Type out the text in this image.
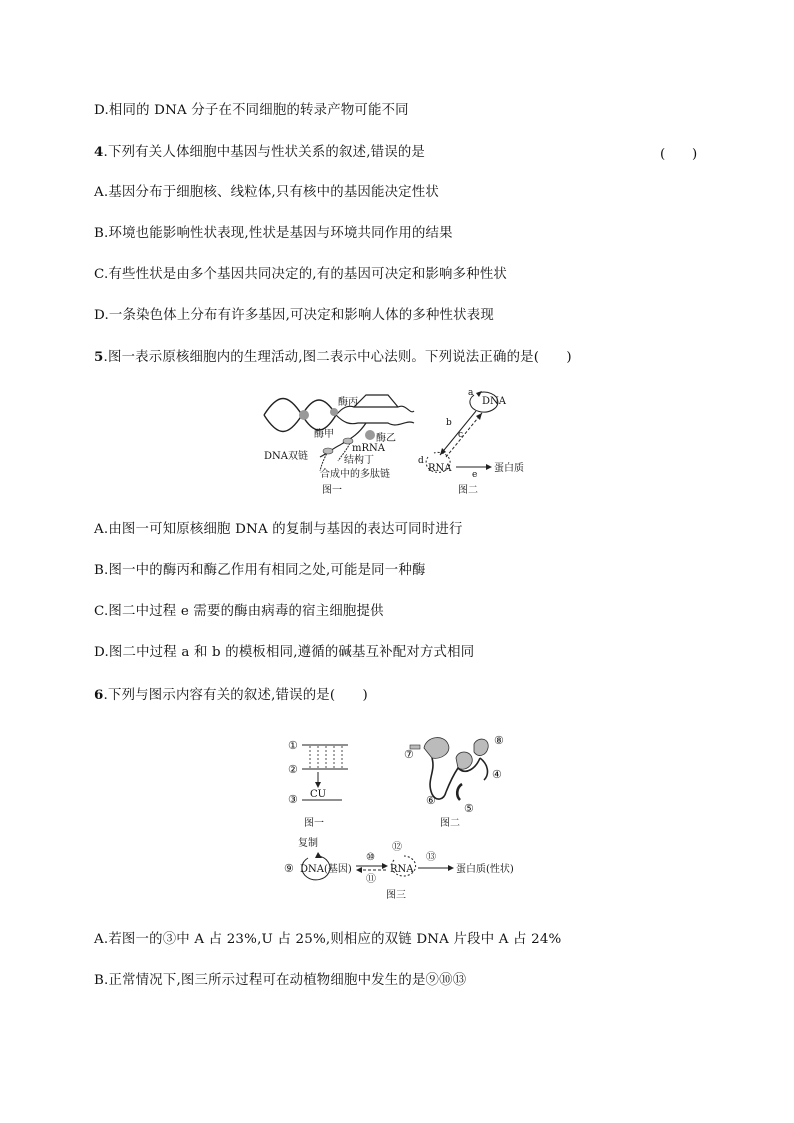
D.相同的 DNA 分子在不同细胞的转录产物可能不同
4.下列有关人体细胞中基因与性状关系的叙述,错误的是	(　　)
A.基因分布于细胞核、线粒体,只有核中的基因能决定性状
B.环境也能影响性状表现,性状是基因与环境共同作用的结果
C.有些性状是由多个基因共同决定的,有的基因可决定和影响多种性状
D.一条染色体上分布有许多基因,可决定和影响人体的多种性状表现
5.图一表示原核细胞内的生理活动,图二表示中心法则。下列说法正确的是(　　)
酶丙
酶甲	酶乙
mRNA
DNA双链	结构丁
合成中的多肽链
图一
a
DNA
b
c
d
RNA
e
蛋白质
图二
A.由图一可知原核细胞 DNA 的复制与基因的表达可同时进行
B.图一中的酶丙和酶乙作用有相同之处,可能是同一种酶
C.图二中过程 e 需要的酶由病毒的宿主细胞提供
D.图二中过程 a 和 b 的模板相同,遵循的碱基互补配对方式相同
6.下列与图示内容有关的叙述,错误的是(　　)
①
②
③ CU
图一
⑦
⑧
④
⑤
⑥
图二
复制
⑨ DNA(基因)
⑩
⑪
⑫
RNA
⑬
蛋白质(性状)
图三
A.若图一的③中 A 占 23%,U 占 25%,则相应的双链 DNA 片段中 A 占 24%
B.正常情况下,图三所示过程可在动植物细胞中发生的是⑨⑩⑬
